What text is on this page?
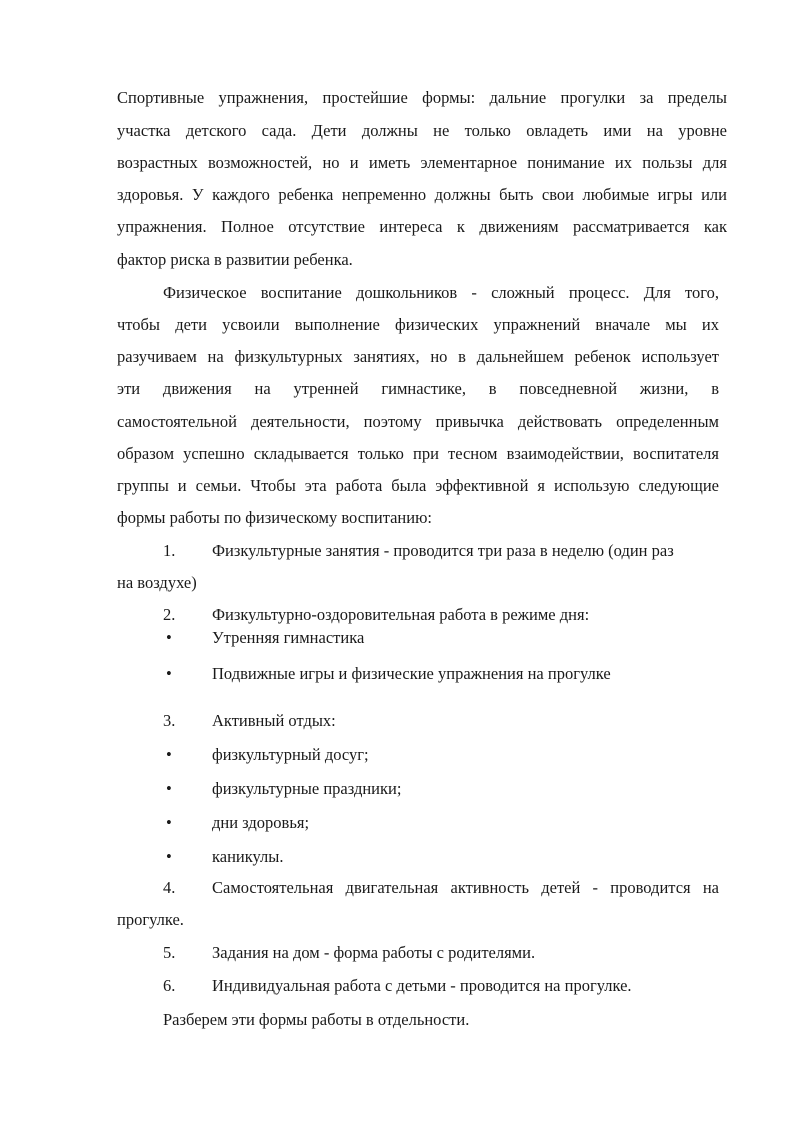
Спортивные упражнения, простейшие формы: дальние прогулки за пределы
участка детского сада. Дети должны не только овладеть ими на уровне
возрастных возможностей, но и иметь элементарное понимание их пользы для
здоровья. У каждого ребенка непременно должны быть свои любимые игры или
упражнения. Полное отсутствие интереса к движениям рассматривается как
фактор риска в развитии ребенка.
Физическое воспитание дошкольников - сложный процесс. Для того,
чтобы дети усвоили выполнение физических упражнений вначале мы их
разучиваем на физкультурных занятиях, но в дальнейшем ребенок использует
эти движения на утренней гимнастике, в повседневной жизни, в
самостоятельной деятельности, поэтому привычка действовать определенным
образом успешно складывается только при тесном взаимодействии, воспитателя
группы и семьи. Чтобы эта работа была эффективной я использую следующие
формы работы по физическому воспитанию:
1. Физкультурные занятия - проводится три раза в неделю (один раз
на воздухе)
2. Физкультурно-оздоровительная работа в режиме дня:
• Утренняя гимнастика
• Подвижные игры и физические упражнения на прогулке
3. Активный отдых:
• физкультурный досуг;
• физкультурные праздники;
• дни здоровья;
• каникулы.
4. Самостоятельная двигательная активность детей - проводится на
прогулке.
5. Задания на дом - форма работы с родителями.
6. Индивидуальная работа с детьми - проводится на прогулке.
Разберем эти формы работы в отдельности.
